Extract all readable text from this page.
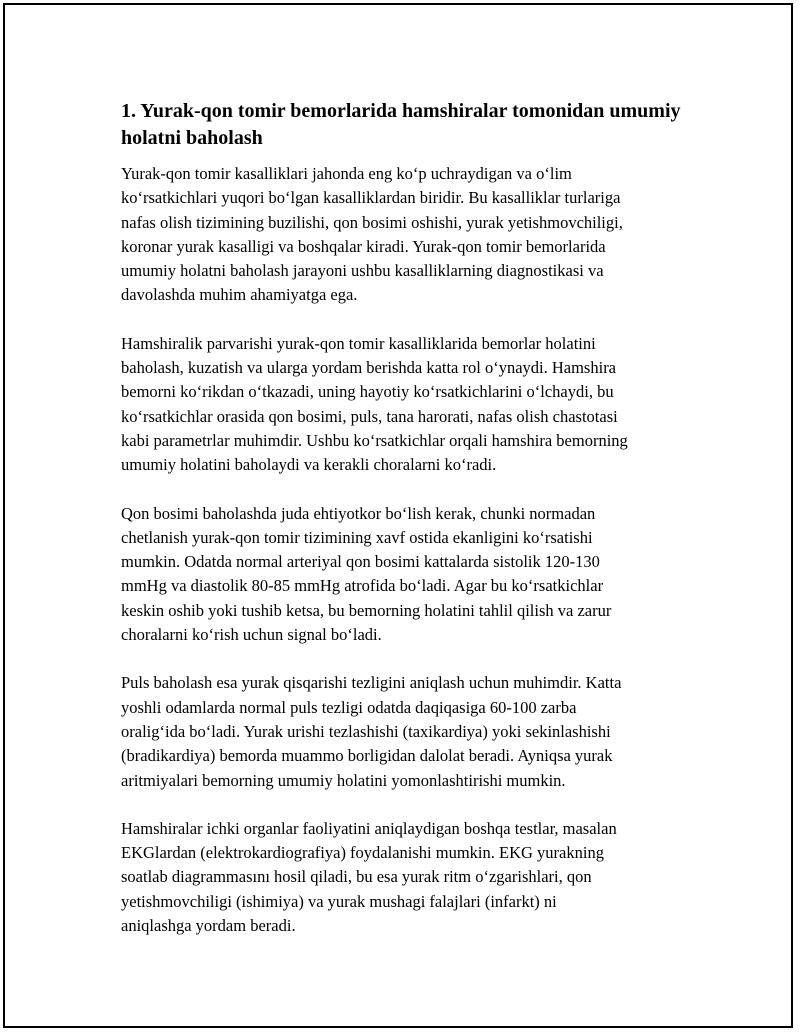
1. Yurak-qon tomir bemorlarida hamshiralar tomonidan umumiy holatni baholash

Yurak-qon tomir kasalliklari jahonda eng ko‘p uchraydigan va o‘lim
ko‘rsatkichlari yuqori bo‘lgan kasalliklardan biridir. Bu kasalliklar turlariga
nafas olish tizimining buzilishi, qon bosimi oshishi, yurak yetishmovchiligi,
koronar yurak kasalligi va boshqalar kiradi. Yurak-qon tomir bemorlarida
umumiy holatni baholash jarayoni ushbu kasalliklarning diagnostikasi va
davolashda muhim ahamiyatga ega.

Hamshiralik parvarishi yurak-qon tomir kasalliklarida bemorlar holatini
baholash, kuzatish va ularga yordam berishda katta rol o‘ynaydi. Hamshira
bemorni ko‘rikdan o‘tkazadi, uning hayotiy ko‘rsatkichlarini o‘lchaydi, bu
ko‘rsatkichlar orasida qon bosimi, puls, tana harorati, nafas olish chastotasi
kabi parametrlar muhimdir. Ushbu ko‘rsatkichlar orqali hamshira bemorning
umumiy holatini baholaydi va kerakli choralarni ko‘radi.

Qon bosimi baholashda juda ehtiyotkor bo‘lish kerak, chunki normadan
chetlanish yurak-qon tomir tizimining xavf ostida ekanligini ko‘rsatishi
mumkin. Odatda normal arteriyal qon bosimi kattalarda sistolik 120-130
mmHg va diastolik 80-85 mmHg atrofida bo‘ladi. Agar bu ko‘rsatkichlar
keskin oshib yoki tushib ketsa, bu bemorning holatini tahlil qilish va zarur
choralarni ko‘rish uchun signal bo‘ladi.

Puls baholash esa yurak qisqarishi tezligini aniqlash uchun muhimdir. Katta
yoshli odamlarda normal puls tezligi odatda daqiqasiga 60-100 zarba
oralig‘ida bo‘ladi. Yurak urishi tezlashishi (taxikardiya) yoki sekinlashishi
(bradikardiya) bemorda muammo borligidan dalolat beradi. Ayniqsa yurak
aritmiyalari bemorning umumiy holatini yomonlashtirishi mumkin.

Hamshiralar ichki organlar faoliyatini aniqlaydigan boshqa testlar, masalan
EKGlardan (elektrokardiografiya) foydalanishi mumkin. EKG yurakning
soatlab diagrammasını hosil qiladi, bu esa yurak ritm o‘zgarishlari, qon
yetishmovchiligi (ishimiya) va yurak mushagi falajlari (infarkt) ni
aniqlashga yordam beradi.
